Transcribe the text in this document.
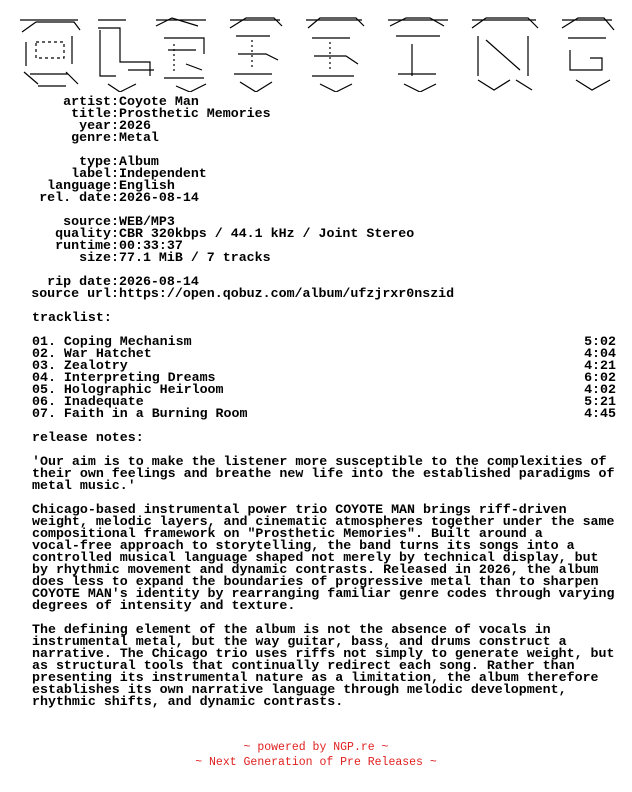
artist: Coyote Man
title: Prosthetic Memories
year: 2026
genre: Metal
type: Album
label: Independent
language: English
rel. date: 2026-08-14
source: WEB/MP3
quality: CBR 320kbps / 44.1 kHz / Joint Stereo
runtime: 00:33:37
size: 77.1 MiB / 7 tracks
rip date: 2026-08-14
source url: https://open.qobuz.com/album/ufzjrxr0nszid
tracklist:
01. Coping Mechanism	5:02
02. War Hatchet	4:04
03. Zealotry	4:21
04. Interpreting Dreams	6:02
05. Holographic Heirloom	4:02
06. Inadequate	5:21
07. Faith in a Burning Room	4:45
release notes:

'Our aim is to make the listener more susceptible to the complexities of
their own feelings and breathe new life into the established paradigms of
metal music.'

Chicago-based instrumental power trio COYOTE MAN brings riff-driven
weight, melodic layers, and cinematic atmospheres together under the same
compositional framework on "Prosthetic Memories". Built around a
vocal-free approach to storytelling, the band turns its songs into a
controlled musical language shaped not merely by technical display, but
by rhythmic movement and dynamic contrasts. Released in 2026, the album
does less to expand the boundaries of progressive metal than to sharpen
COYOTE MAN's identity by rearranging familiar genre codes through varying
degrees of intensity and texture.

The defining element of the album is not the absence of vocals in
instrumental metal, but the way guitar, bass, and drums construct a
narrative. The Chicago trio uses riffs not simply to generate weight, but
as structural tools that continually redirect each song. Rather than
presenting its instrumental nature as a limitation, the album therefore
establishes its own narrative language through melodic development,
rhythmic shifts, and dynamic contrasts.

~ powered by NGP.re ~
~ Next Generation of Pre Releases ~
